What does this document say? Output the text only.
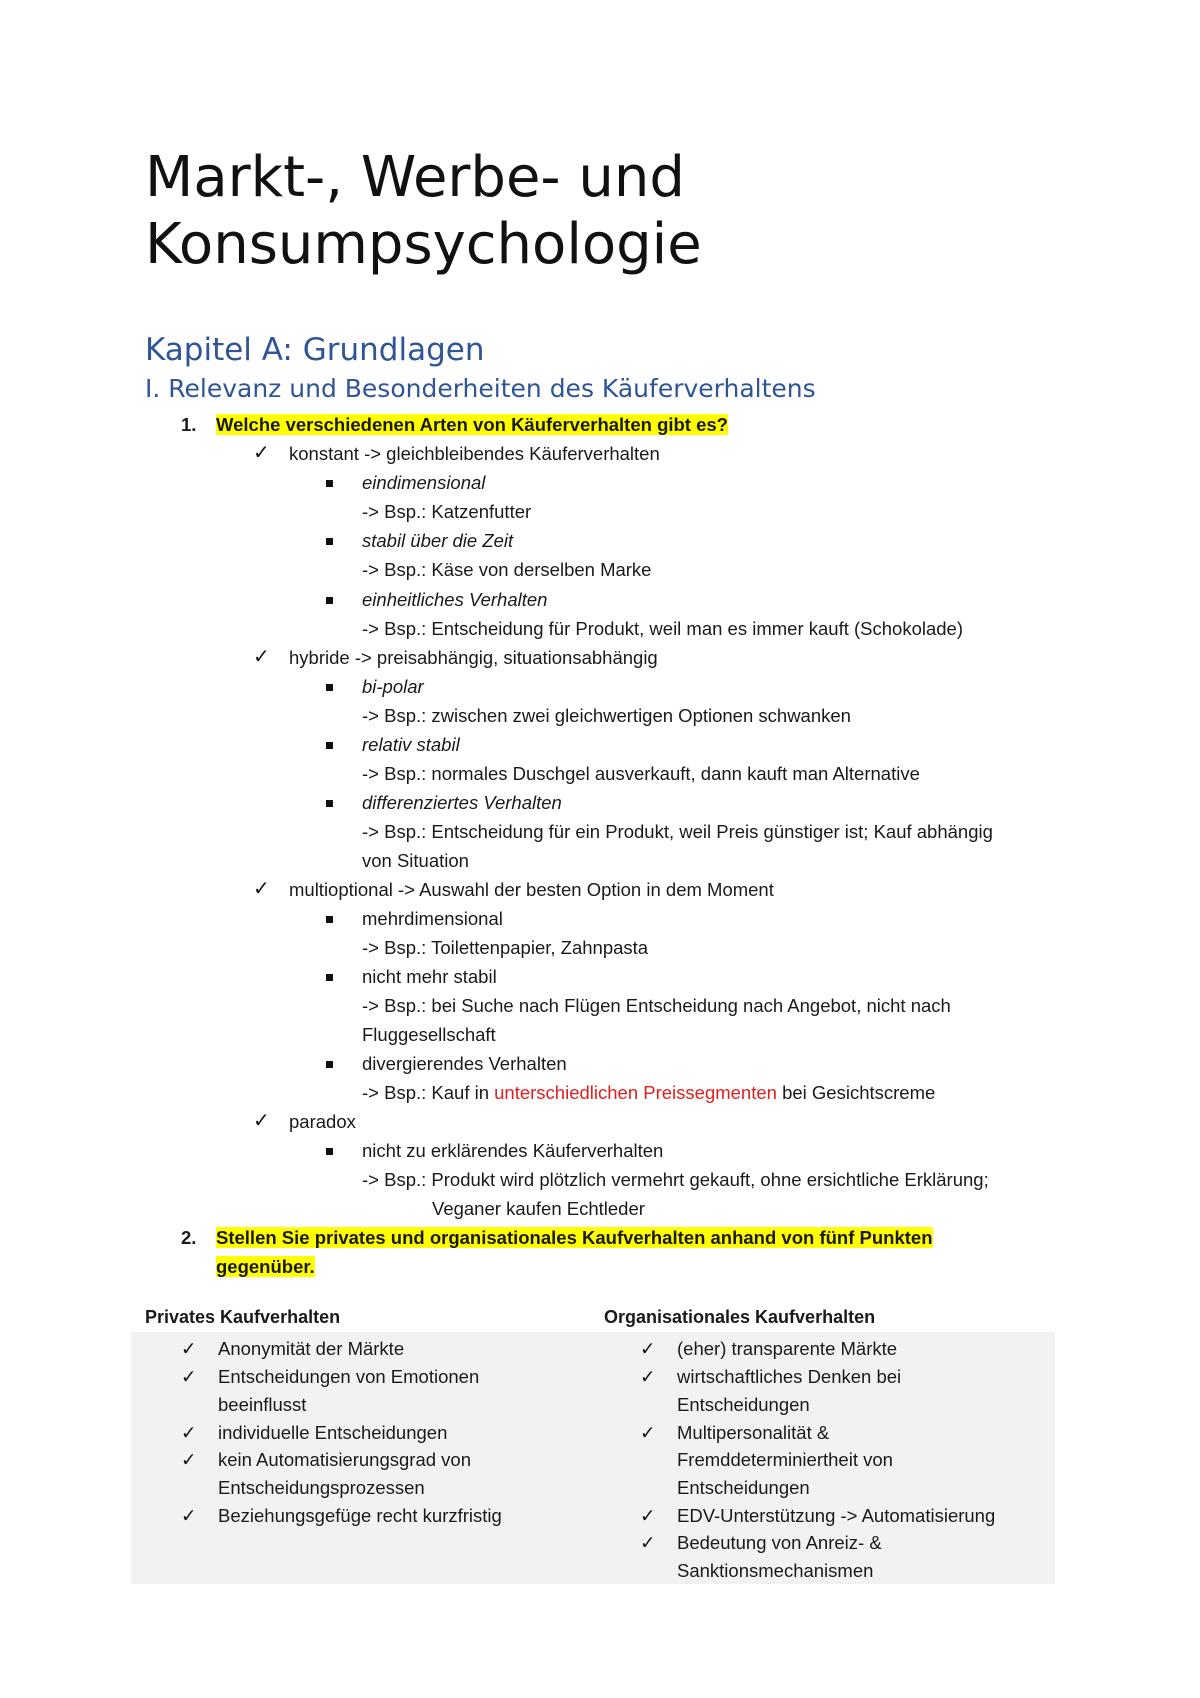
Markt-, Werbe- und
Konsumpsychologie
Kapitel A: Grundlagen
I. Relevanz und Besonderheiten des Käuferverhaltens
1. Welche verschiedenen Arten von Käuferverhalten gibt es?
✓ konstant -> gleichbleibendes Käuferverhalten
eindimensional
-> Bsp.: Katzenfutter
stabil über die Zeit
-> Bsp.: Käse von derselben Marke
einheitliches Verhalten
-> Bsp.: Entscheidung für Produkt, weil man es immer kauft (Schokolade)
✓ hybride -> preisabhängig, situationsabhängig
bi-polar
-> Bsp.: zwischen zwei gleichwertigen Optionen schwanken
relativ stabil
-> Bsp.: normales Duschgel ausverkauft, dann kauft man Alternative
differenziertes Verhalten
-> Bsp.: Entscheidung für ein Produkt, weil Preis günstiger ist; Kauf abhängig
von Situation
✓ multioptional -> Auswahl der besten Option in dem Moment
mehrdimensional
-> Bsp.: Toilettenpapier, Zahnpasta
nicht mehr stabil
-> Bsp.: bei Suche nach Flügen Entscheidung nach Angebot, nicht nach
Fluggesellschaft
divergierendes Verhalten
-> Bsp.: Kauf in unterschiedlichen Preissegmenten bei Gesichtscreme
✓ paradox
nicht zu erklärendes Käuferverhalten
-> Bsp.: Produkt wird plötzlich vermehrt gekauft, ohne ersichtliche Erklärung;
Veganer kaufen Echtleder
2. Stellen Sie privates und organisationales Kaufverhalten anhand von fünf Punkten
gegenüber.
Privates Kaufverhalten	Organisationales Kaufverhalten
✓ Anonymität der Märkte
✓ Entscheidungen von Emotionen
beeinflusst
✓ individuelle Entscheidungen
✓ kein Automatisierungsgrad von
Entscheidungsprozessen
✓ Beziehungsgefüge recht kurzfristig
✓ (eher) transparente Märkte
✓ wirtschaftliches Denken bei
Entscheidungen
✓ Multipersonalität &
Fremddeterminiertheit von
Entscheidungen
✓ EDV-Unterstützung -> Automatisierung
✓ Bedeutung von Anreiz- &
Sanktionsmechanismen
